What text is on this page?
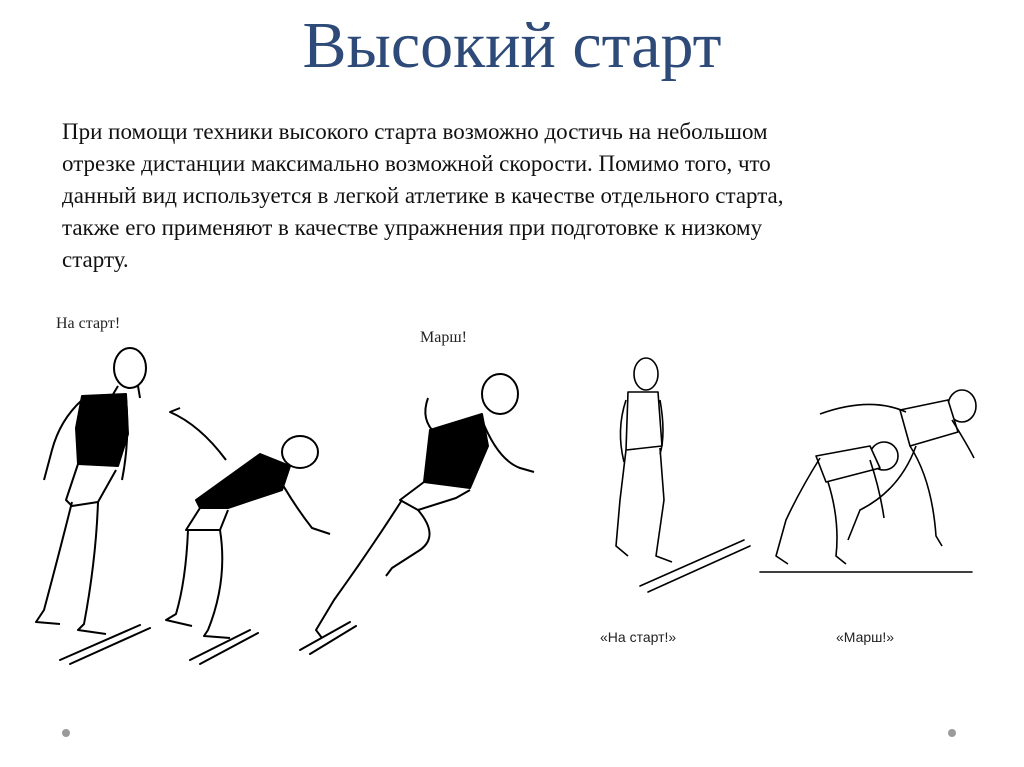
Высокий старт

При помощи техники высокого старта возможно достичь на небольшом

отрезке дистанции максимально возможной скорости. Помимо того, что

данный вид используется в легкой атлетике в качестве отдельного старта,

также его применяют в качестве упражнения при подготовке к низкому

старту.

На старт!
Марш!
«На старт!»	«Марш!»
